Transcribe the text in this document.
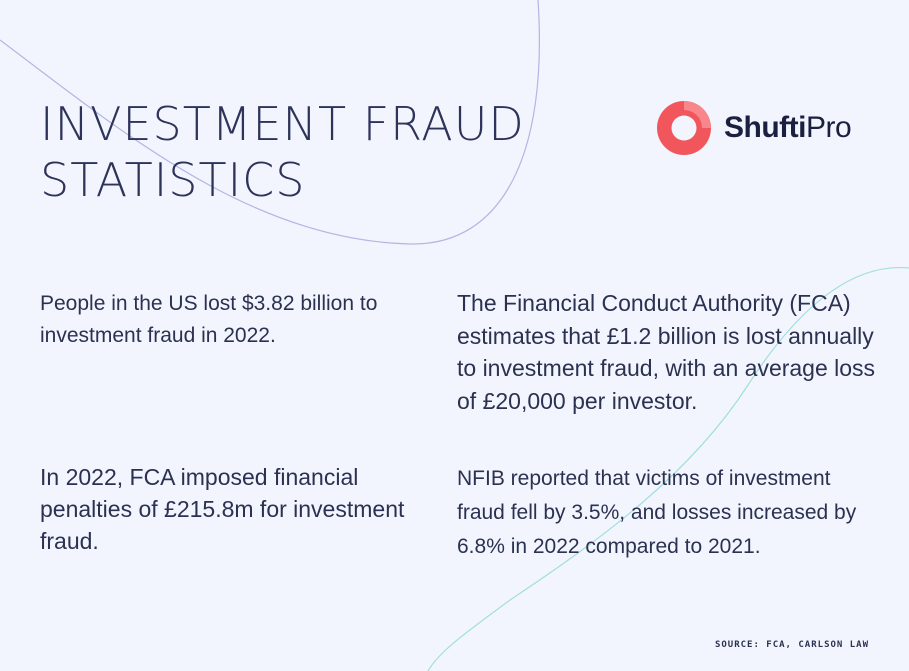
INVESTMENT FRAUD
STATISTICS
ShuftiPro

People in the US lost $3.82 billion to investment fraud in 2022.

The Financial Conduct Authority (FCA) estimates that £1.2 billion is lost annually to investment fraud, with an average loss of £20,000 per investor.

In 2022, FCA imposed financial penalties of £215.8m for investment fraud.

NFIB reported that victims of investment fraud fell by 3.5%, and losses increased by 6.8% in 2022 compared to 2021.

SOURCE: FCA, CARLSON LAW
